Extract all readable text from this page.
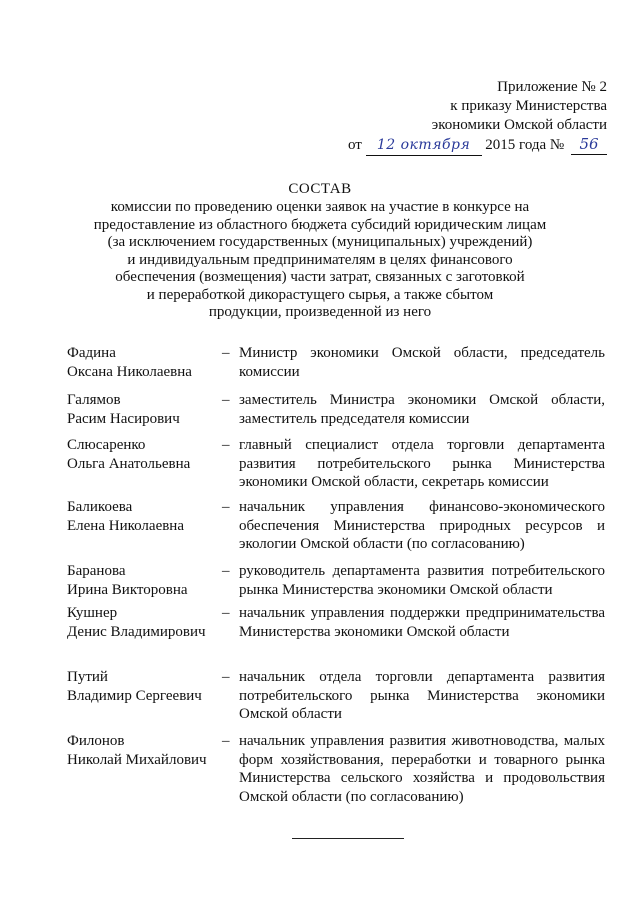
Приложение № 2
к приказу Министерства
экономики Омской области
от 12 октября 2015 года № 56
СОСТАВ
комиссии по проведению оценки заявок на участие в конкурсе на
предоставление из областного бюджета субсидий юридическим лицам
(за исключением государственных (муниципальных) учреждений)
и индивидуальным предпринимателям в целях финансового
обеспечения (возмещения) части затрат, связанных с заготовкой
и переработкой дикорастущего сырья, а также сбытом
продукции, произведенной из него
Фадина
Оксана Николаевна
– Министр экономики Омской области, председатель комиссии
Галямов
Расим Насирович
– заместитель Министра экономики Омской области, заместитель председателя комиссии
Слюсаренко
Ольга Анатольевна
– главный специалист отдела торговли департамента развития потребительского рынка Министерства экономики Омской области, секретарь комиссии
Баликоева
Елена Николаевна
– начальник управления финансово-экономического обеспечения Министерства природных ресурсов и экологии Омской области (по согласованию)
Баранова
Ирина Викторовна
– руководитель департамента развития потребительского рынка Министерства экономики Омской области
Кушнер
Денис Владимирович
– начальник управления поддержки предпринимательства Министерства экономики Омской области
Путий
Владимир Сергеевич
– начальник отдела торговли департамента развития потребительского рынка Министерства экономики Омской области
Филонов
Николай Михайлович
– начальник управления развития животноводства, малых форм хозяйствования, переработки и товарного рынка Министерства сельского хозяйства и продовольствия Омской области (по согласованию)
